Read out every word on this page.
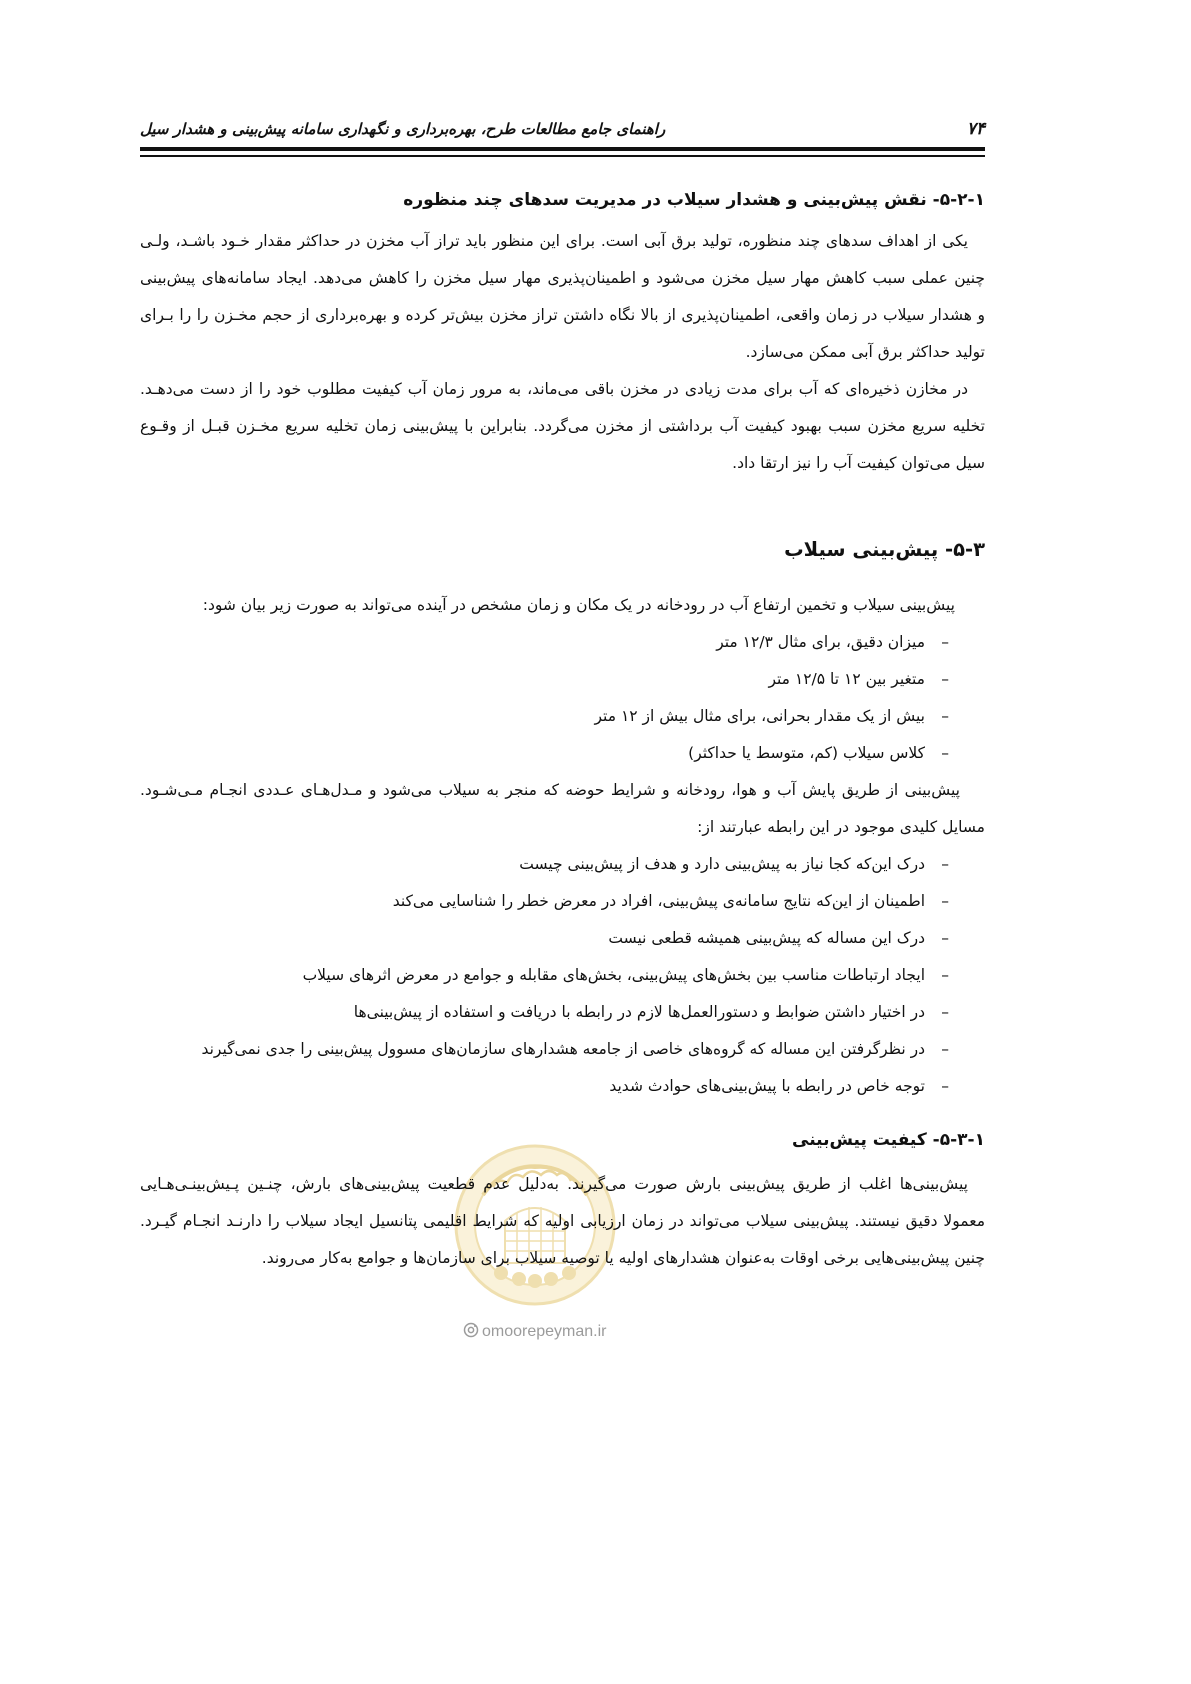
۷۴
راهنمای جامع مطالعات طرح، بهره‌برداری و نگهداری سامانه پیش‌بینی و هشدار سیل
۵-۲-۱- نقش پیش‌بینی و هشدار سیلاب در مدیریت سدهای چند منظوره
یکی از اهداف سدهای چند منظوره، تولید برق آبی است. برای این منظور باید تراز آب مخزن در حداکثر مقدار خـود باشـد، ولـی
چنین عملی سبب کاهش مهار سیل مخزن می‌شود و اطمینان‌پذیری مهار سیل مخزن را کاهش می‌دهد. ایجاد سامانه‌های پیش‌بینی
و هشدار سیلاب در زمان واقعی، اطمینان‌پذیری از بالا نگاه داشتن تراز مخزن بیش‌تر کرده و بهره‌برداری از حجم مخـزن را را بـرای
تولید حداکثر برق آبی ممکن می‌سازد.
در مخازن ذخیره‌ای که آب برای مدت زیادی در مخزن باقی می‌ماند، به مرور زمان آب کیفیت مطلوب خود را از دست می‌دهـد.
تخلیه سریع مخزن سبب بهبود کیفیت آب برداشتی از مخزن می‌گردد. بنابراین با پیش‌بینی زمان تخلیه سریع مخـزن قبـل از وقـوع
سیل می‌توان کیفیت آب را نیز ارتقا داد.
۵-۳- پیش‌بینی سیلاب
پیش‌بینی سیلاب و تخمین ارتفاع آب در رودخانه در یک مکان و زمان مشخص در آینده می‌تواند به صورت زیر بیان شود:
–
میزان دقیق، برای مثال ۱۲/۳ متر
–
متغیر بین ۱۲ تا ۱۲/۵ متر
–
بیش از یک مقدار بحرانی، برای مثال بیش از ۱۲ متر
–
کلاس سیلاب (کم، متوسط یا حداکثر)
پیش‌بینی از طریق پایش آب و هوا، رودخانه و شرایط حوضه که منجر به سیلاب می‌شود و مـدل‌هـای عـددی انجـام مـی‌شـود.
مسایل کلیدی موجود در این رابطه عبارتند از:
–
درک این‌که کجا نیاز به پیش‌بینی دارد و هدف از پیش‌بینی چیست
–
اطمینان از این‌که نتایج سامانه‌ی پیش‌بینی، افراد در معرض خطر را شناسایی می‌کند
–
درک این مساله که پیش‌بینی همیشه قطعی نیست
–
ایجاد ارتباطات مناسب بین بخش‌های پیش‌بینی، بخش‌های مقابله و جوامع در معرض اثرهای سیلاب
–
در اختیار داشتن ضوابط و دستورالعمل‌ها لازم در رابطه با دریافت و استفاده از پیش‌بینی‌ها
–
در نظرگرفتن این مساله که گروه‌های خاصی از جامعه هشدارهای سازمان‌های مسوول پیش‌بینی را جدی نمی‌گیرند
–
توجه خاص در رابطه با پیش‌بینی‌های حوادث شدید
۵-۳-۱- کیفیت پیش‌بینی
پیش‌بینی‌ها اغلب از طریق پیش‌بینی بارش صورت می‌گیرند. به‌دلیل عدم قطعیت پیش‌بینی‌های بارش، چنـین پـیش‌بینـی‌هـایی
معمولا دقیق نیستند. پیش‌بینی سیلاب می‌تواند در زمان ارزیابی اولیه که شرایط اقلیمی پتانسیل ایجاد سیلاب را دارنـد انجـام گیـرد.
چنین پیش‌بینی‌هایی برخی اوقات به‌عنوان هشدارهای اولیه یا توصیه سیلاب برای سازمان‌ها و جوامع به‌کار می‌روند.
omoorepeyman.ir
